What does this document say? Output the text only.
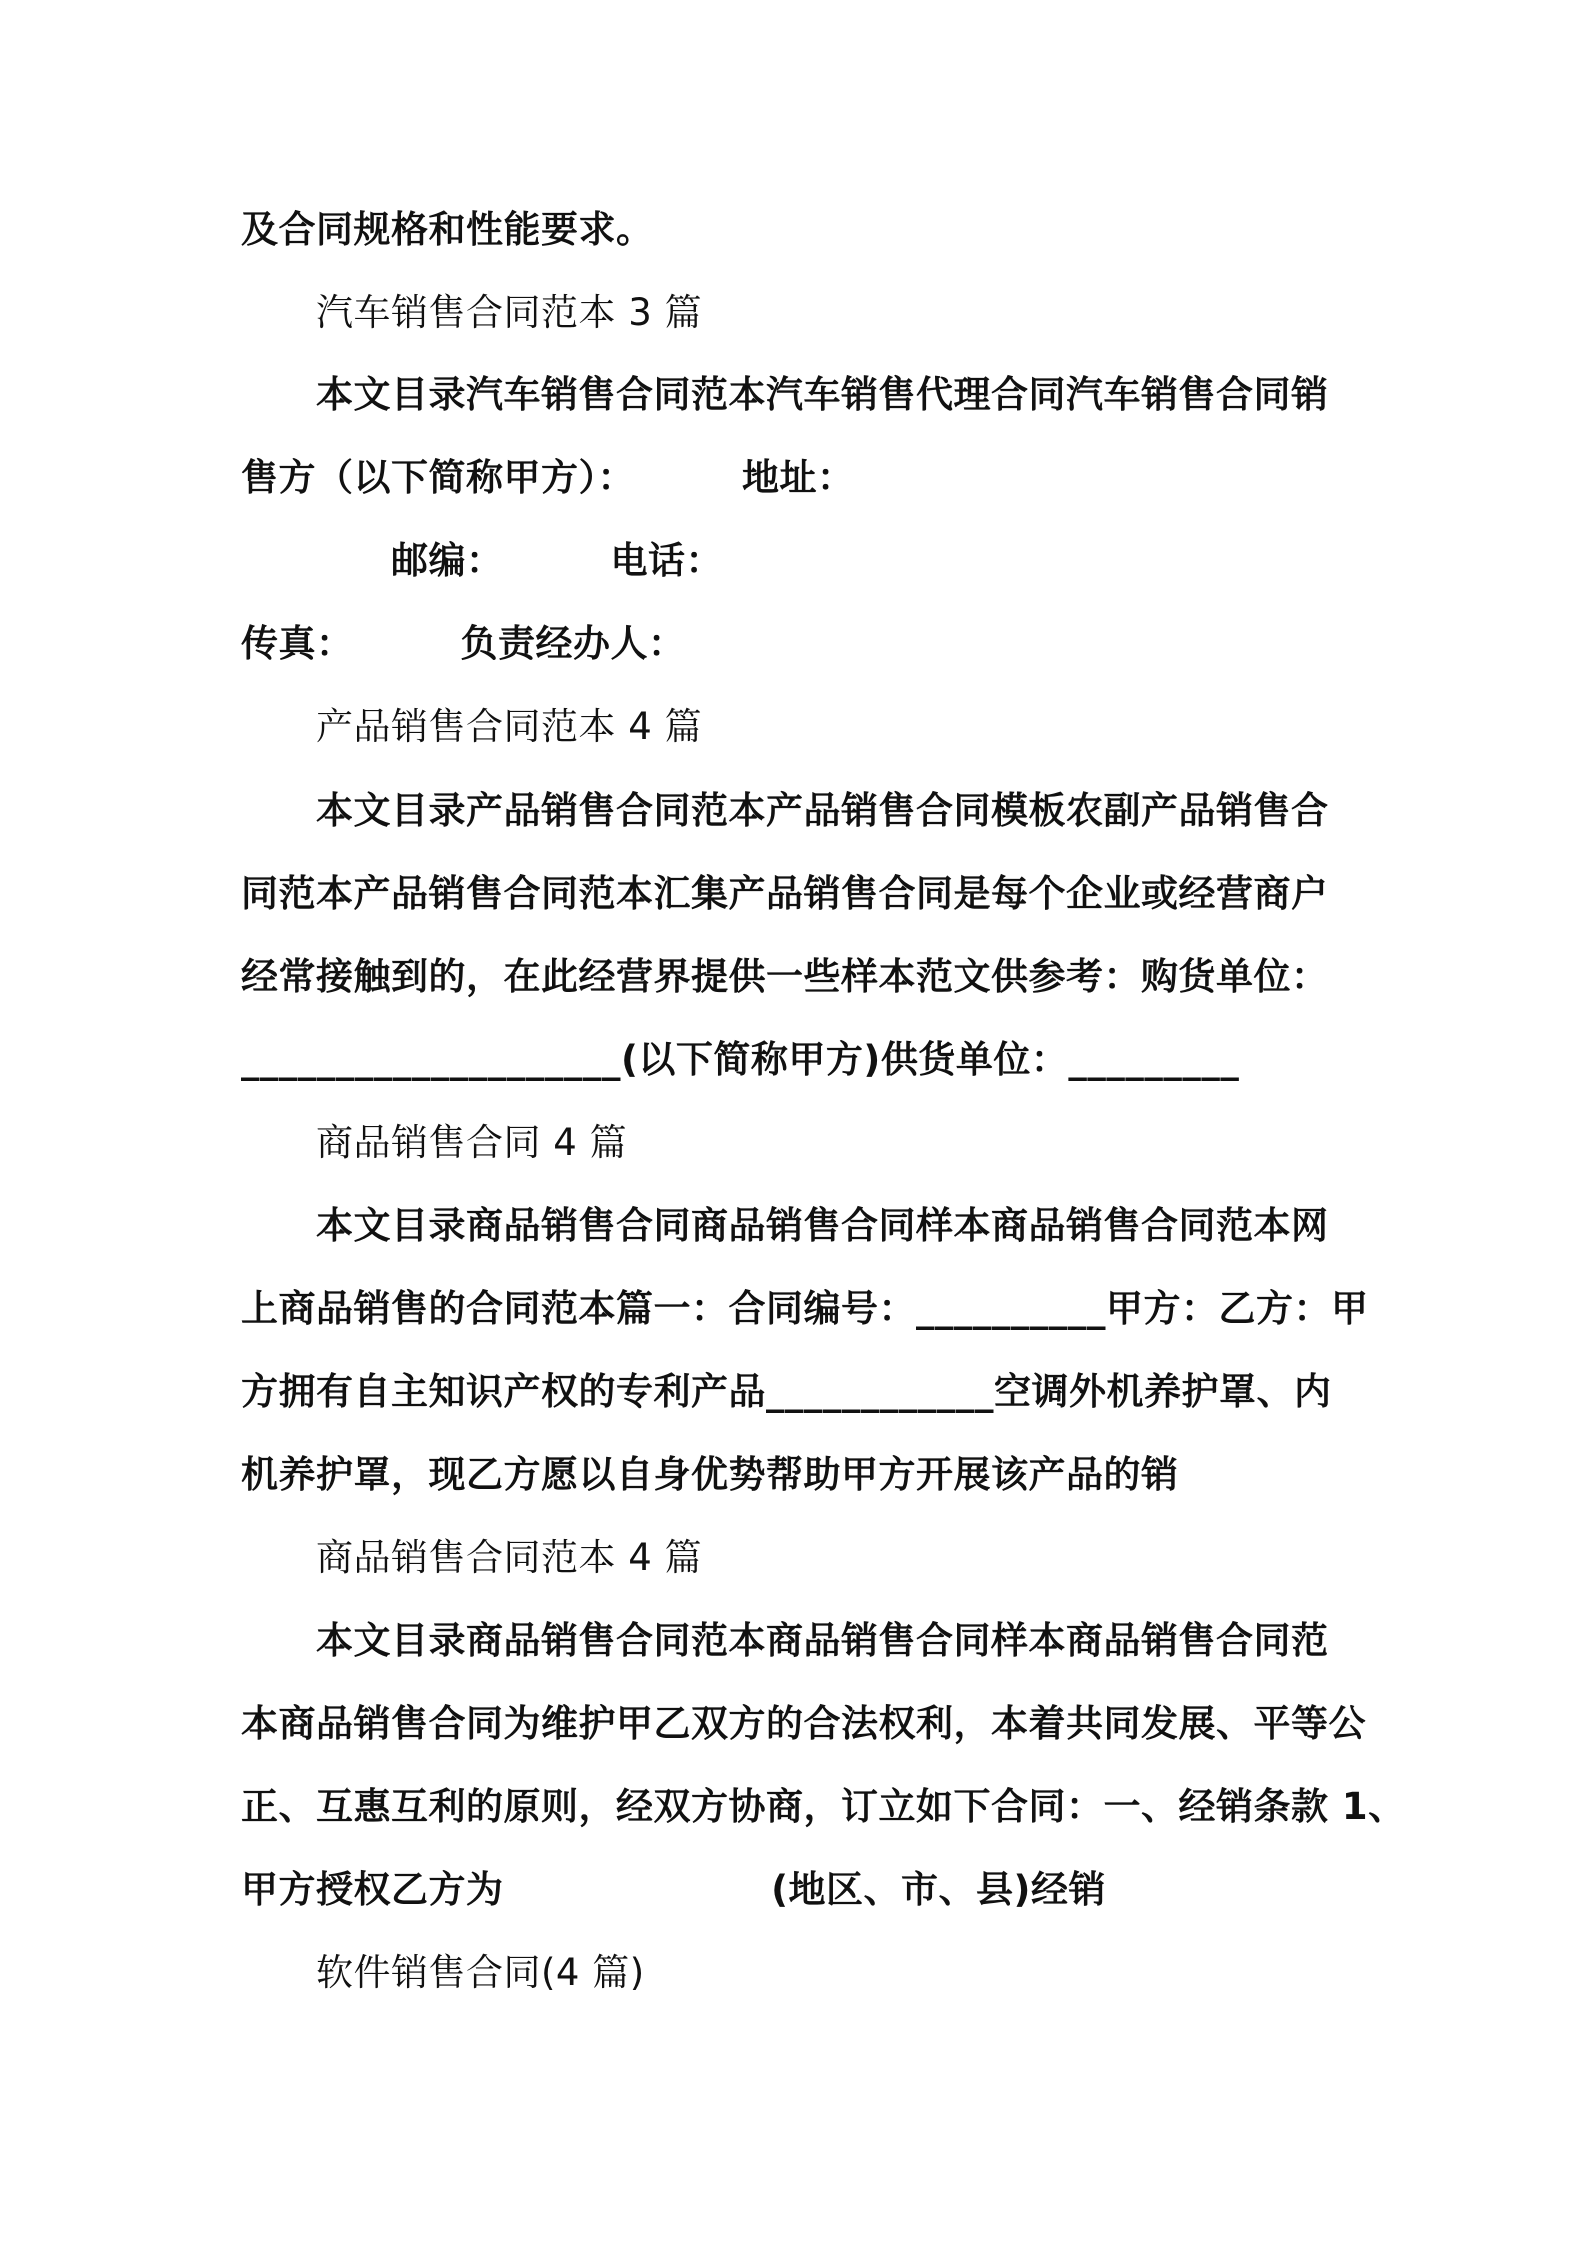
及合同规格和性能要求。
汽车销售合同范本 3 篇
本文目录汽车销售合同范本汽车销售代理合同汽车销售合同销
售方（以下简称甲方）：        地址：
邮编：        电话：
传真：        负责经办人：
产品销售合同范本 4 篇
本文目录产品销售合同范本产品销售合同模板农副产品销售合
同范本产品销售合同范本汇集产品销售合同是每个企业或经营商户
经常接触到的，在此经营界提供一些样本范文供参考：购货单位：
____________________(以下简称甲方)供货单位：_________
商品销售合同 4 篇
本文目录商品销售合同商品销售合同样本商品销售合同范本网
上商品销售的合同范本篇一：合同编号：__________甲方：乙方：甲
方拥有自主知识产权的专利产品____________空调外机养护罩、内
机养护罩，现乙方愿以自身优势帮助甲方开展该产品的销
商品销售合同范本 4 篇
本文目录商品销售合同范本商品销售合同样本商品销售合同范
本商品销售合同为维护甲乙双方的合法权利，本着共同发展、平等公
正、互惠互利的原则，经双方协商，订立如下合同：一、经销条款 1、
甲方授权乙方为                    (地区、市、县)经销
软件销售合同(4 篇)
